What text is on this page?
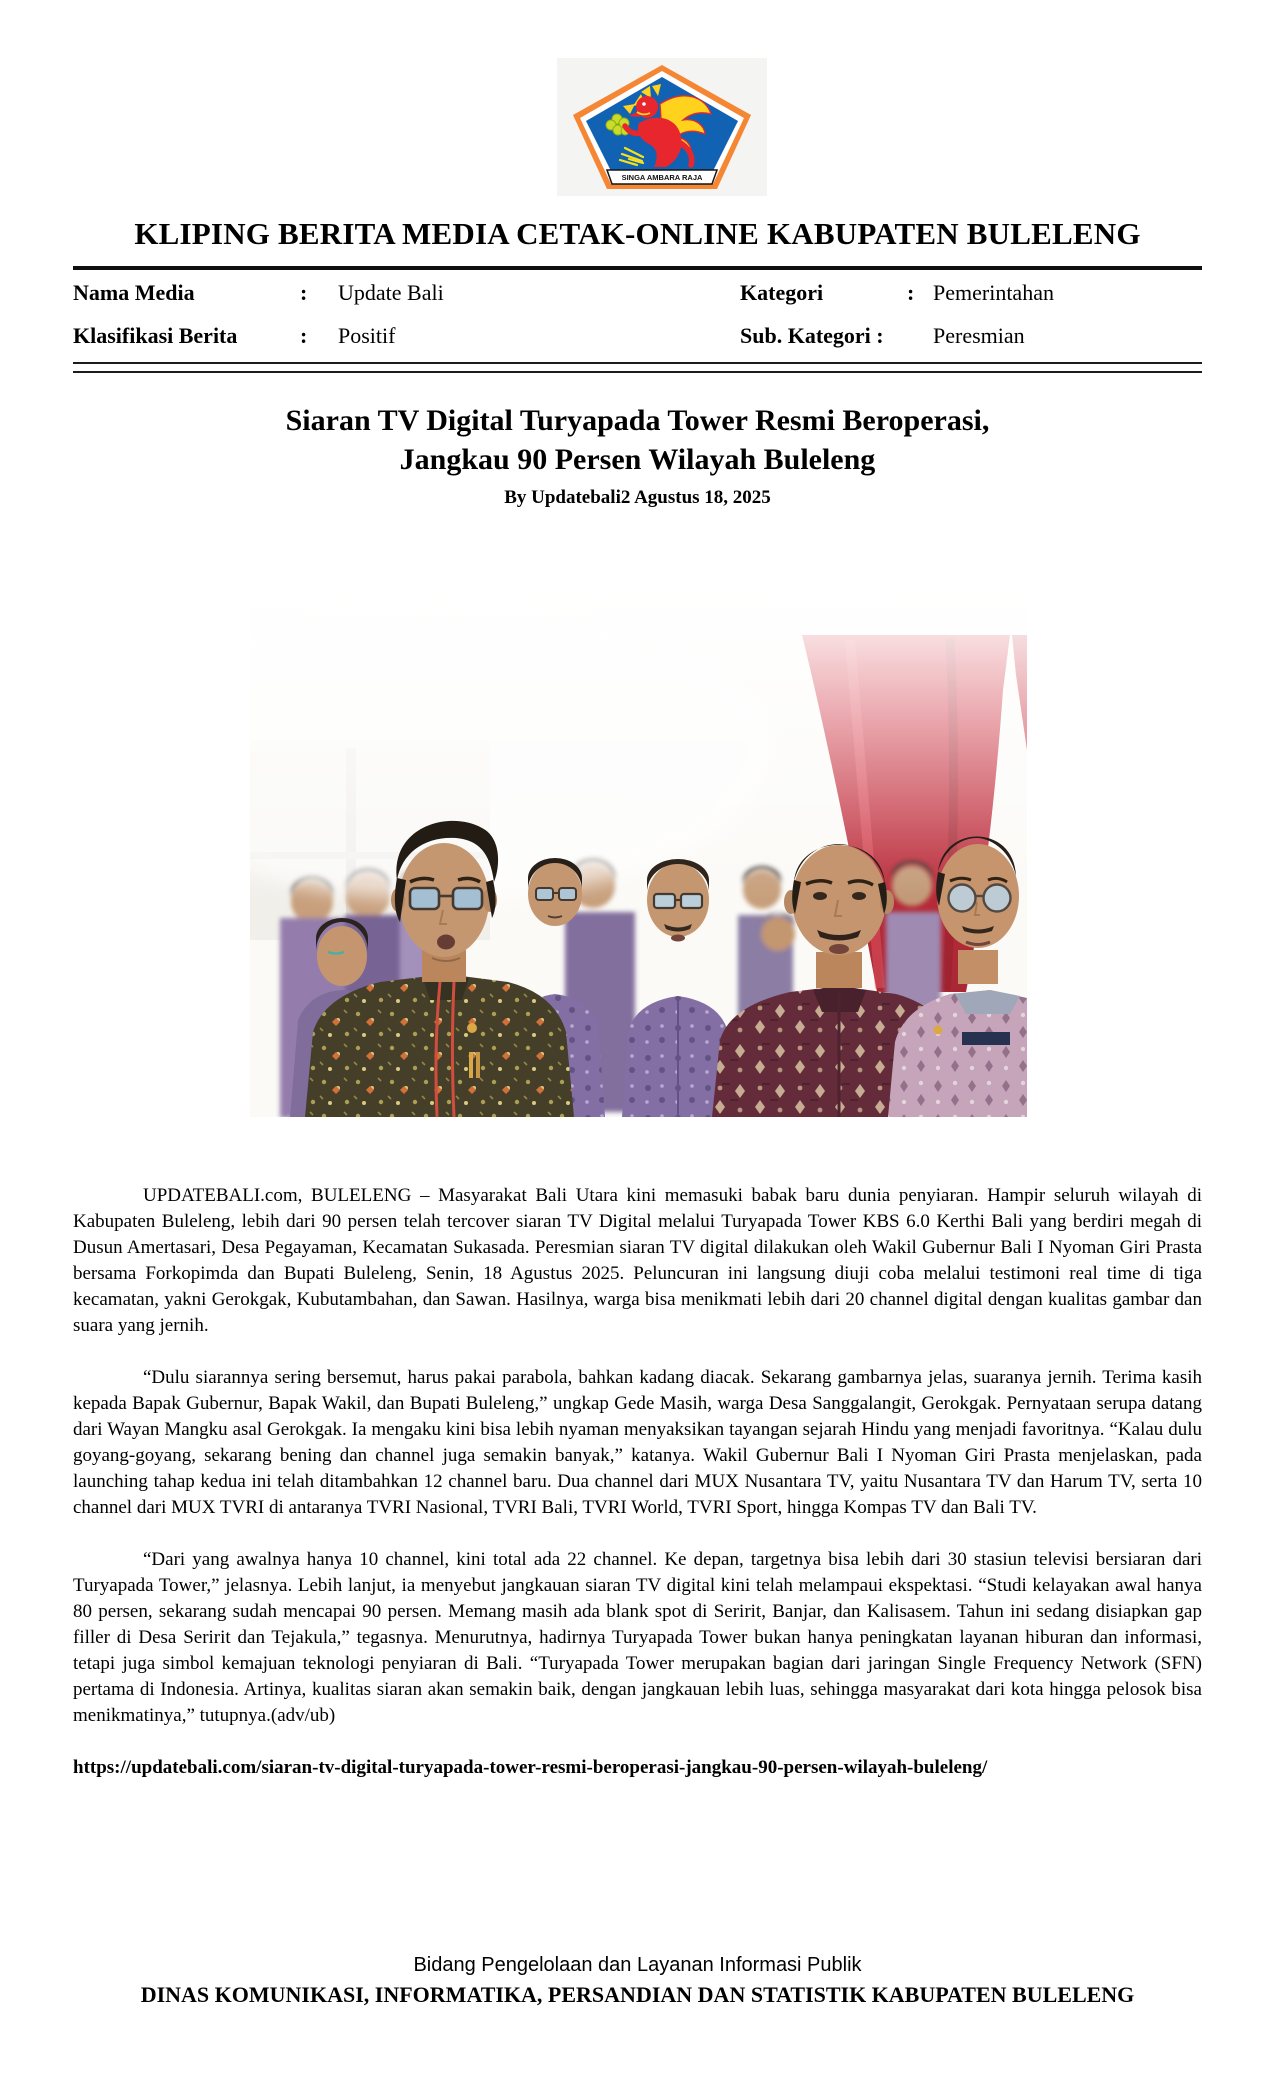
SINGA AMBARA RAJA
KLIPING BERITA MEDIA CETAK-ONLINE KABUPATEN BULELENG
Nama Media	:	Update Bali	Kategori	: Pemerintahan
Klasifikasi Berita	:	Positif	Sub. Kategori :	Peresmian
Siaran TV Digital Turyapada Tower Resmi Beroperasi,
Jangkau 90 Persen Wilayah Buleleng
By Updatebali2 Agustus 18, 2025

UPDATEBALI.com, BULELENG – Masyarakat Bali Utara kini memasuki babak baru dunia penyiaran. Hampir seluruh wilayah di Kabupaten Buleleng, lebih dari 90 persen telah tercover siaran TV Digital melalui Turyapada Tower KBS 6.0 Kerthi Bali yang berdiri megah di Dusun Amertasari, Desa Pegayaman, Kecamatan Sukasada. Peresmian siaran TV digital dilakukan oleh Wakil Gubernur Bali I Nyoman Giri Prasta bersama Forkopimda dan Bupati Buleleng, Senin, 18 Agustus 2025. Peluncuran ini langsung diuji coba melalui testimoni real time di tiga kecamatan, yakni Gerokgak, Kubutambahan, dan Sawan. Hasilnya, warga bisa menikmati lebih dari 20 channel digital dengan kualitas gambar dan suara yang jernih.

“Dulu siarannya sering bersemut, harus pakai parabola, bahkan kadang diacak. Sekarang gambarnya jelas, suaranya jernih. Terima kasih kepada Bapak Gubernur, Bapak Wakil, dan Bupati Buleleng,” ungkap Gede Masih, warga Desa Sanggalangit, Gerokgak. Pernyataan serupa datang dari Wayan Mangku asal Gerokgak. Ia mengaku kini bisa lebih nyaman menyaksikan tayangan sejarah Hindu yang menjadi favoritnya. “Kalau dulu goyang-goyang, sekarang bening dan channel juga semakin banyak,” katanya. Wakil Gubernur Bali I Nyoman Giri Prasta menjelaskan, pada launching tahap kedua ini telah ditambahkan 12 channel baru. Dua channel dari MUX Nusantara TV, yaitu Nusantara TV dan Harum TV, serta 10 channel dari MUX TVRI di antaranya TVRI Nasional, TVRI Bali, TVRI World, TVRI Sport, hingga Kompas TV dan Bali TV.

“Dari yang awalnya hanya 10 channel, kini total ada 22 channel. Ke depan, targetnya bisa lebih dari 30 stasiun televisi bersiaran dari Turyapada Tower,” jelasnya. Lebih lanjut, ia menyebut jangkauan siaran TV digital kini telah melampaui ekspektasi. “Studi kelayakan awal hanya 80 persen, sekarang sudah mencapai 90 persen. Memang masih ada blank spot di Seririt, Banjar, dan Kalisasem. Tahun ini sedang disiapkan gap filler di Desa Seririt dan Tejakula,” tegasnya. Menurutnya, hadirnya Turyapada Tower bukan hanya peningkatan layanan hiburan dan informasi, tetapi juga simbol kemajuan teknologi penyiaran di Bali. “Turyapada Tower merupakan bagian dari jaringan Single Frequency Network (SFN) pertama di Indonesia. Artinya, kualitas siaran akan semakin baik, dengan jangkauan lebih luas, sehingga masyarakat dari kota hingga pelosok bisa menikmatinya,” tutupnya.(adv/ub)

https://updatebali.com/siaran-tv-digital-turyapada-tower-resmi-beroperasi-jangkau-90-persen-wilayah-buleleng/
Bidang Pengelolaan dan Layanan Informasi Publik
DINAS KOMUNIKASI, INFORMATIKA, PERSANDIAN DAN STATISTIK KABUPATEN BULELENG
